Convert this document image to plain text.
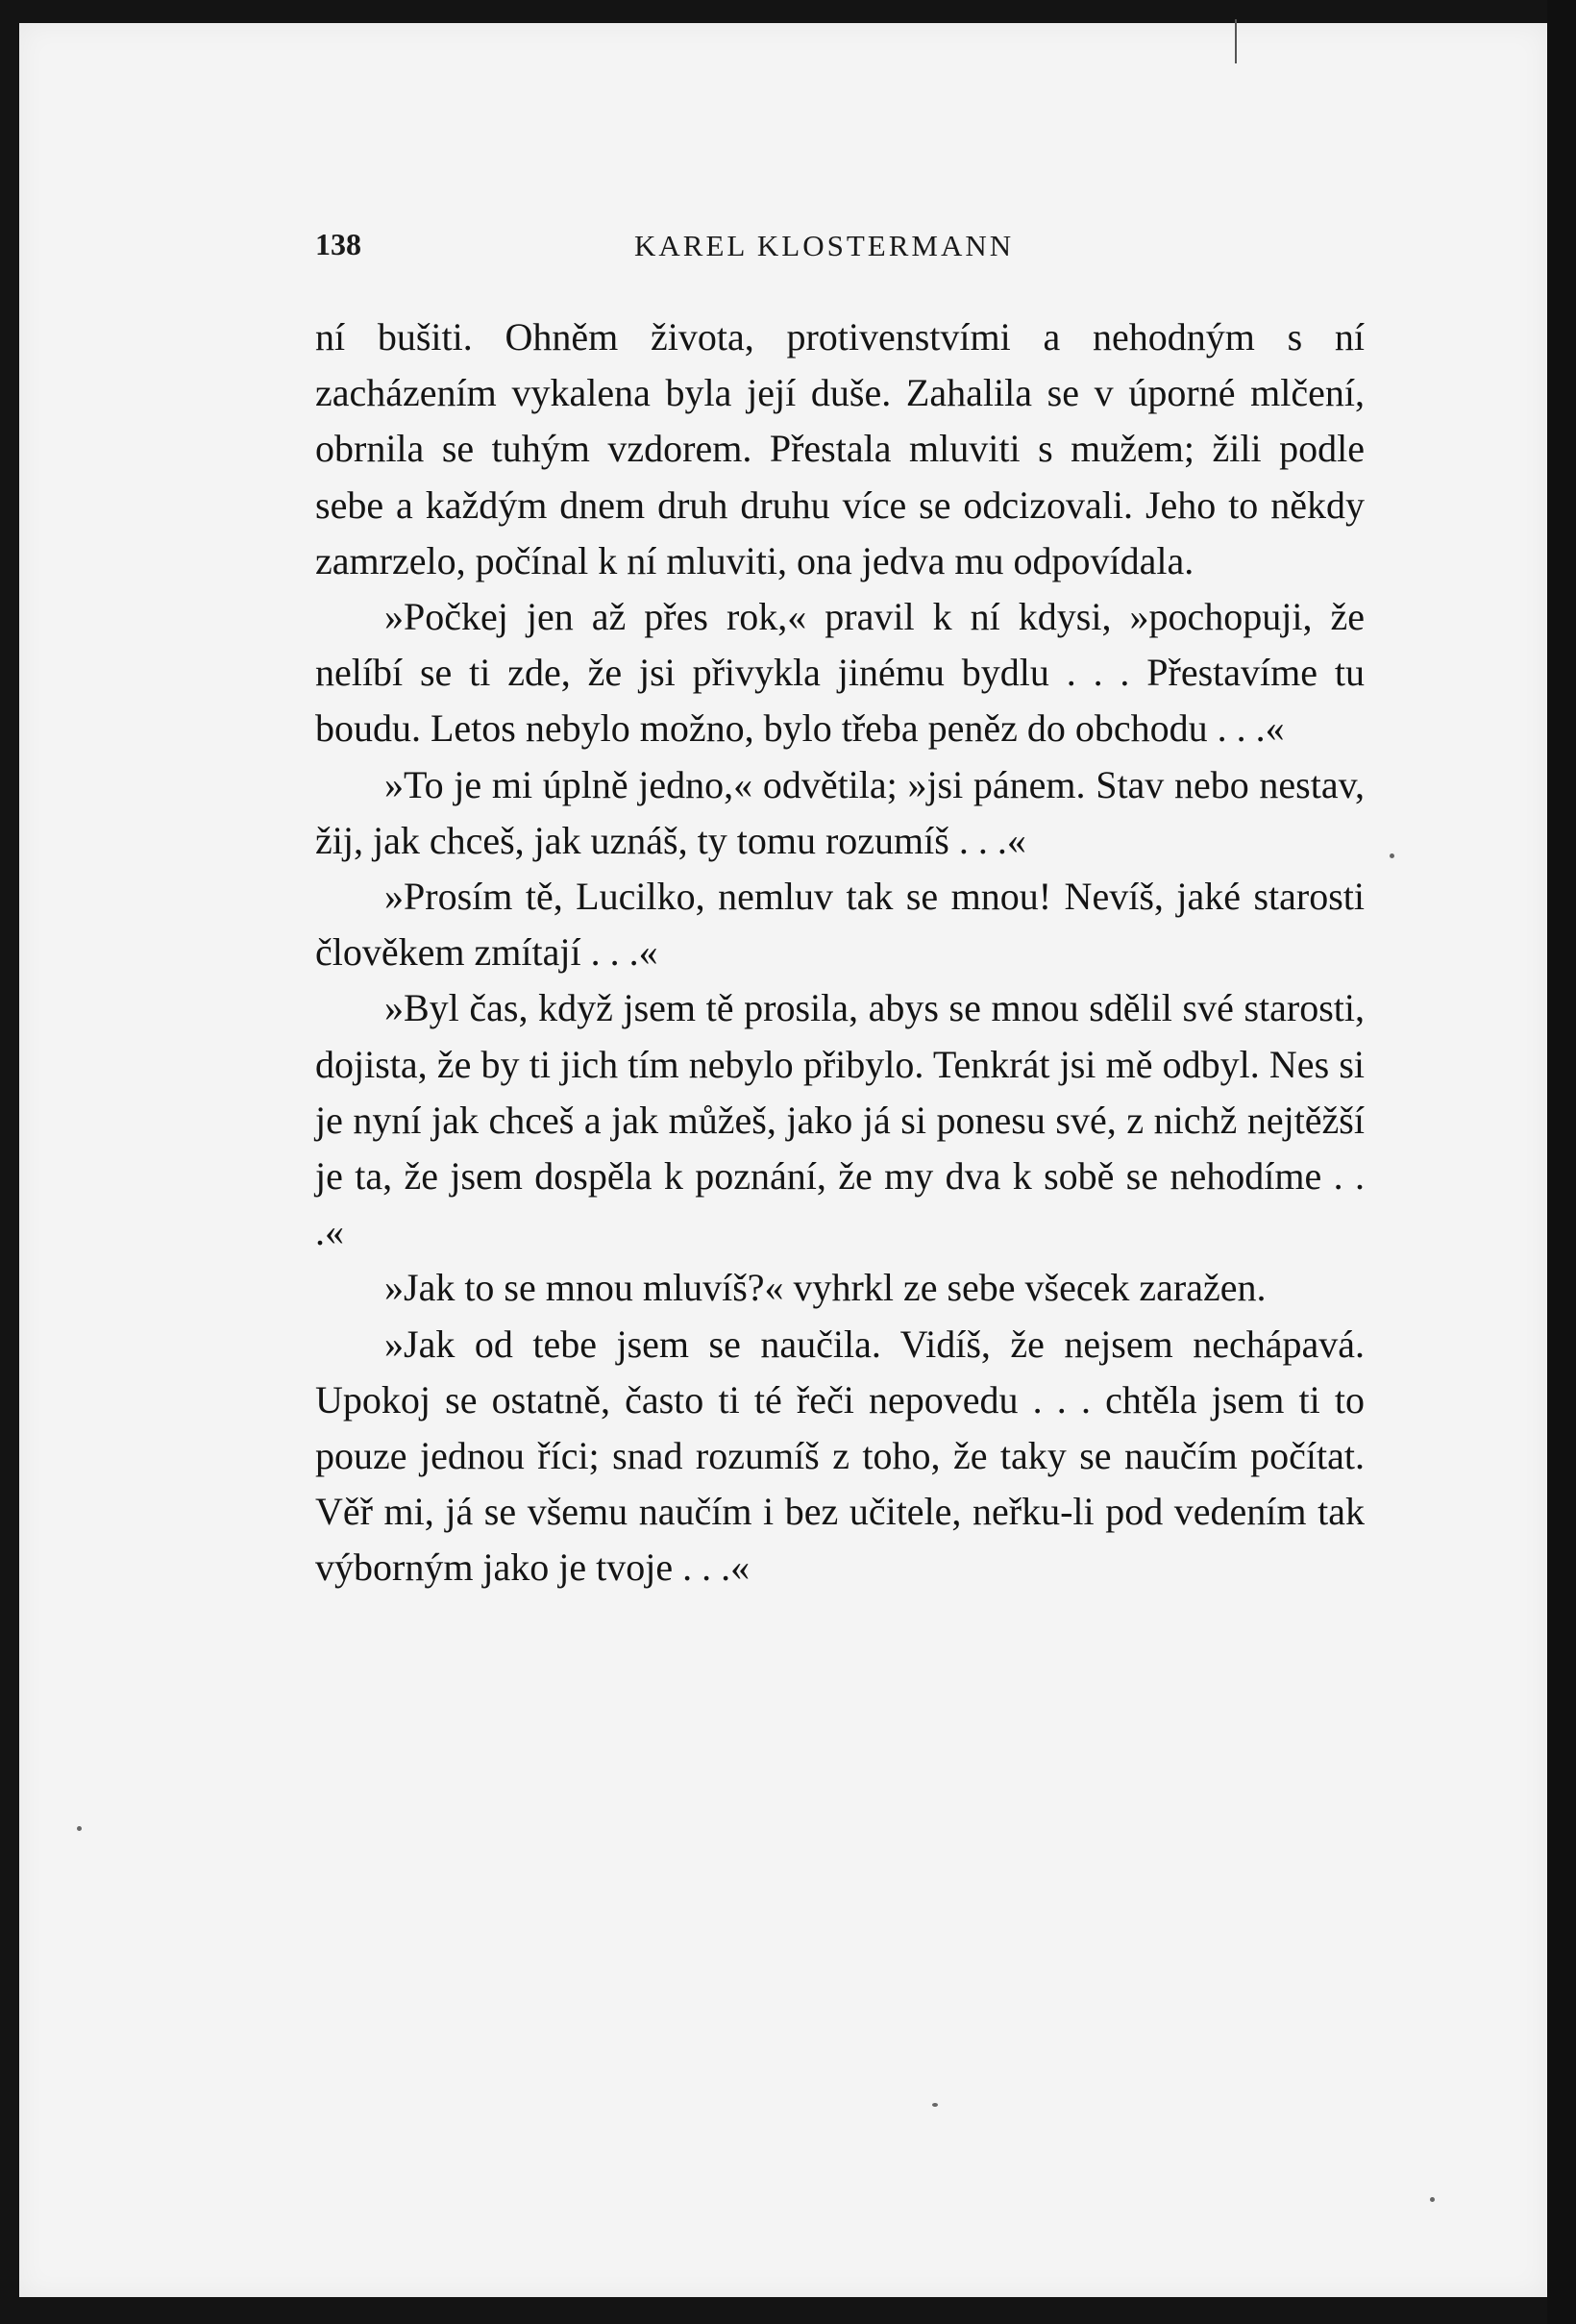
138	KAREL KLOSTERMANN

ní bušiti. Ohněm života, protivenstvími a nehodným s ní zacházením vykalena byla její duše. Zahalila se v úporné mlčení, obrnila se tuhým vzdorem. Přestala mluviti s mužem; žili podle sebe a každým dnem druh druhu více se odcizovali. Jeho to někdy zamrzelo, počínal k ní mluviti, ona jedva mu odpovídala.

»Počkej jen až přes rok,« pravil k ní kdysi, »pochopuji, že nelíbí se ti zde, že jsi přivykla jinému bydlu . . . Přestavíme tu boudu. Letos nebylo možno, bylo třeba peněz do obchodu . . .«

»To je mi úplně jedno,« odvětila; »jsi pánem. Stav nebo nestav, žij, jak chceš, jak uznáš, ty tomu rozumíš . . .«

»Prosím tě, Lucilko, nemluv tak se mnou! Nevíš, jaké starosti člověkem zmítají . . .«

»Byl čas, když jsem tě prosila, abys se mnou sdělil své starosti, dojista, že by ti jich tím nebylo přibylo. Tenkrát jsi mě odbyl. Nes si je nyní jak chceš a jak můžeš, jako já si ponesu své, z nichž nejtěžší je ta, že jsem dospěla k poznání, že my dva k sobě se nehodíme . . .«

»Jak to se mnou mluvíš?« vyhrkl ze sebe všecek zaražen.

»Jak od tebe jsem se naučila. Vidíš, že nejsem nechápavá. Upokoj se ostatně, často ti té řeči nepovedu . . . chtěla jsem ti to pouze jednou říci; snad rozumíš z toho, že taky se naučím počítat. Věř mi, já se všemu naučím i bez učitele, neřku-li pod vedením tak výborným jako je tvoje . . .«
